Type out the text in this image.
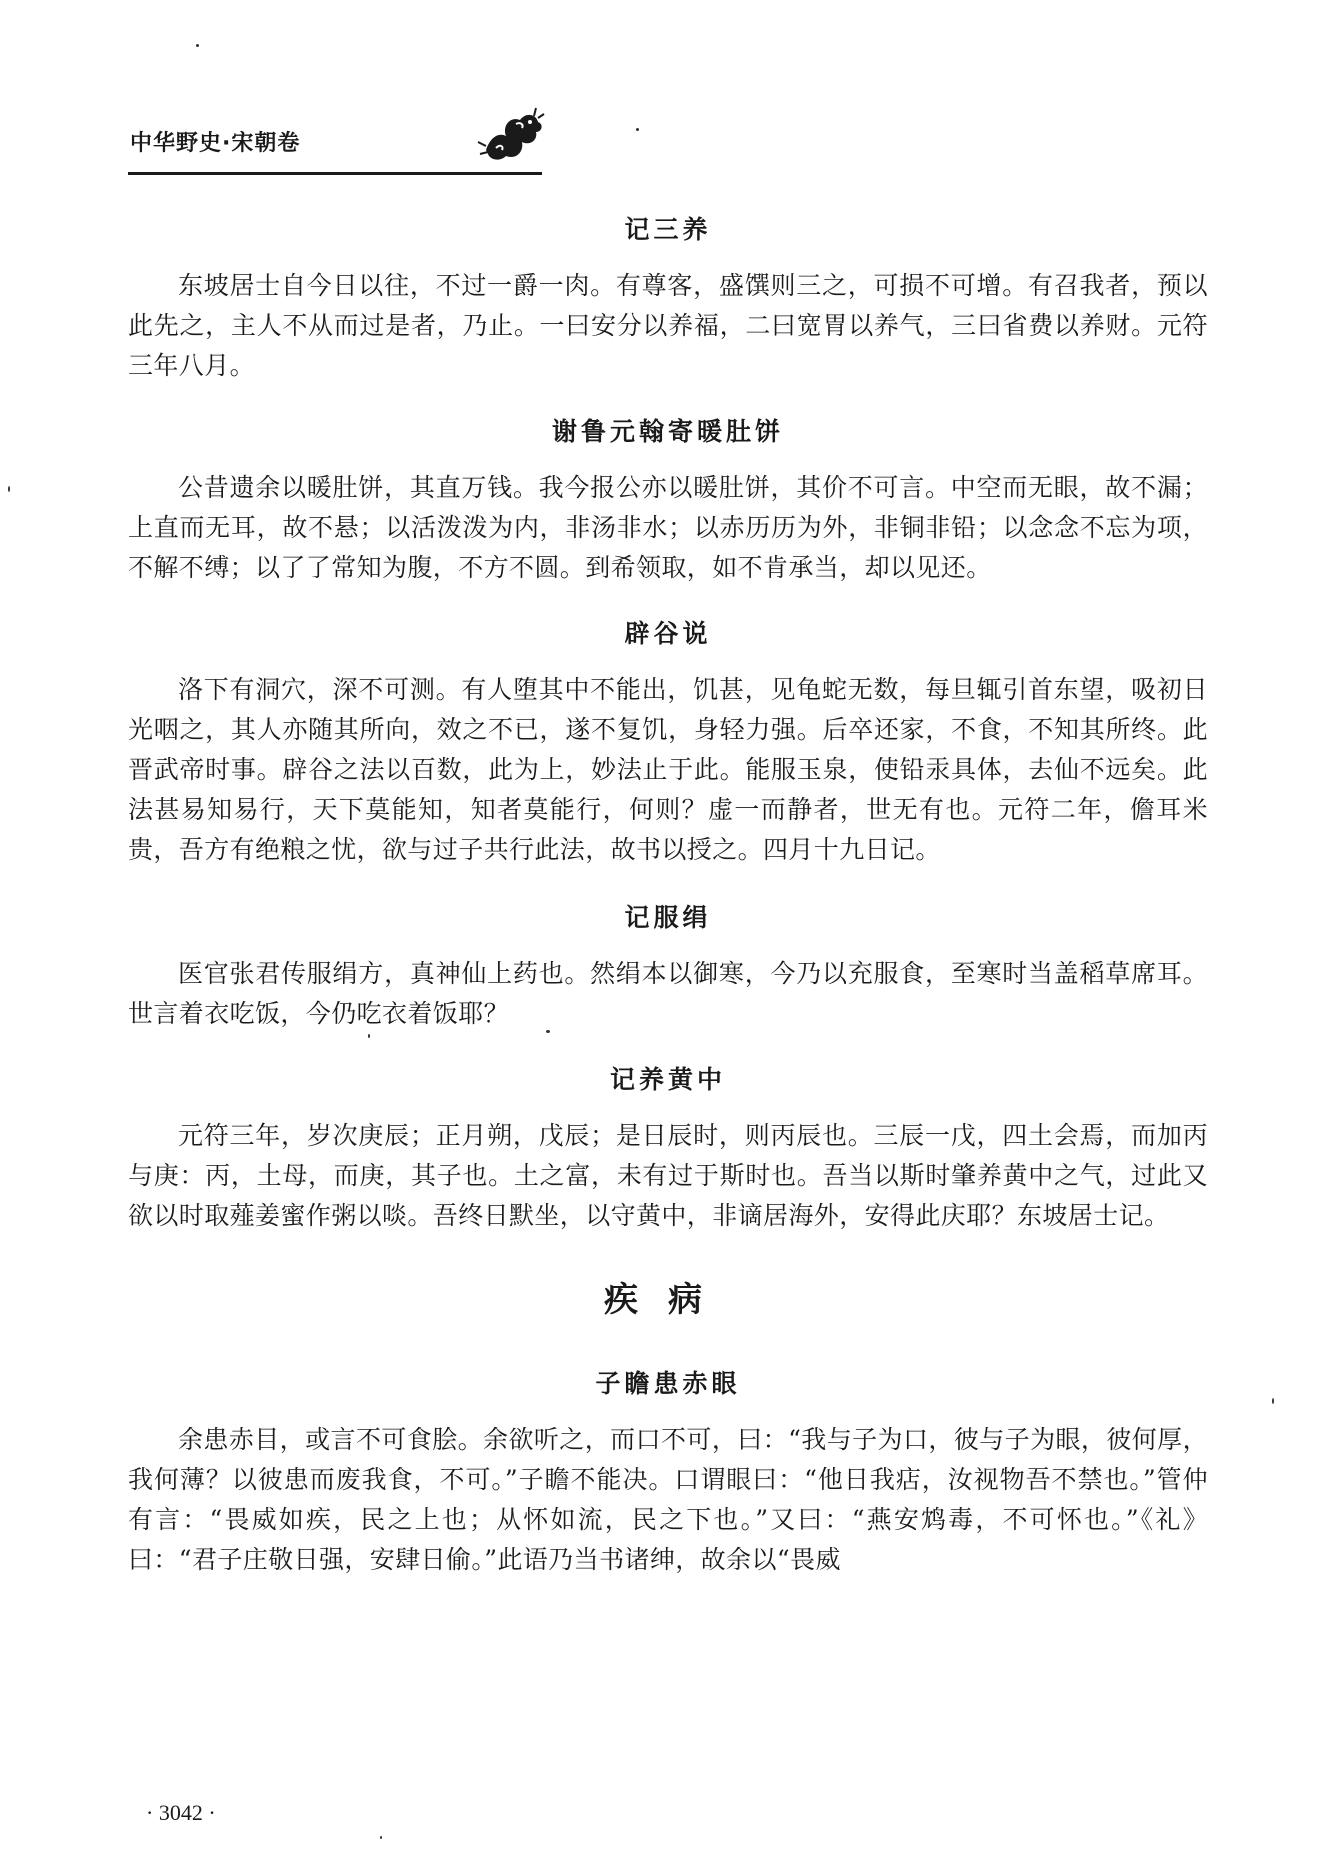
中华野史·宋朝卷
记三养

东坡居士自今日以往，不过一爵一肉。有尊客，盛馔则三之，可损不可增。有召我者，预以此先之，主人不从而过是者，乃止。一曰安分以养福，二曰宽胃以养气，三曰省费以养财。元符三年八月。

谢鲁元翰寄暖肚饼

公昔遗余以暖肚饼，其直万钱。我今报公亦以暖肚饼，其价不可言。中空而无眼，故不漏；上直而无耳，故不悬；以活泼泼为内，非汤非水；以赤历历为外，非铜非铅；以念念不忘为项，不解不缚；以了了常知为腹，不方不圆。到希领取，如不肯承当，却以见还。

辟谷说

洛下有洞穴，深不可测。有人堕其中不能出，饥甚，见龟蛇无数，每旦辄引首东望，吸初日光咽之，其人亦随其所向，效之不已，遂不复饥，身轻力强。后卒还家，不食，不知其所终。此晋武帝时事。辟谷之法以百数，此为上，妙法止于此。能服玉泉，使铅汞具体，去仙不远矣。此法甚易知易行，天下莫能知，知者莫能行，何则？虚一而静者，世无有也。元符二年，儋耳米贵，吾方有绝粮之忧，欲与过子共行此法，故书以授之。四月十九日记。

记服绢

医官张君传服绢方，真神仙上药也。然绢本以御寒，今乃以充服食，至寒时当盖稻草席耳。世言着衣吃饭，今仍吃衣着饭耶？

记养黄中

元符三年，岁次庚辰；正月朔，戊辰；是日辰时，则丙辰也。三辰一戊，四土会焉，而加丙与庚：丙，土母，而庚，其子也。土之富，未有过于斯时也。吾当以斯时肇养黄中之气，过此又欲以时取薤姜蜜作粥以啖。吾终日默坐，以守黄中，非谪居海外，安得此庆耶？东坡居士记。

疾病
子瞻患赤眼

余患赤目，或言不可食脍。余欲听之，而口不可，曰：“我与子为口，彼与子为眼，彼何厚，我何薄？以彼患而废我食，不可。”子瞻不能决。口谓眼曰：“他日我痁，汝视物吾不禁也。”管仲有言：“畏威如疾，民之上也；从怀如流，民之下也。”又曰：“燕安鸩毒，不可怀也。”《礼》曰：“君子庄敬日强，安肆日偷。”此语乃当书诸绅，故余以“畏威

· 3042 ·
